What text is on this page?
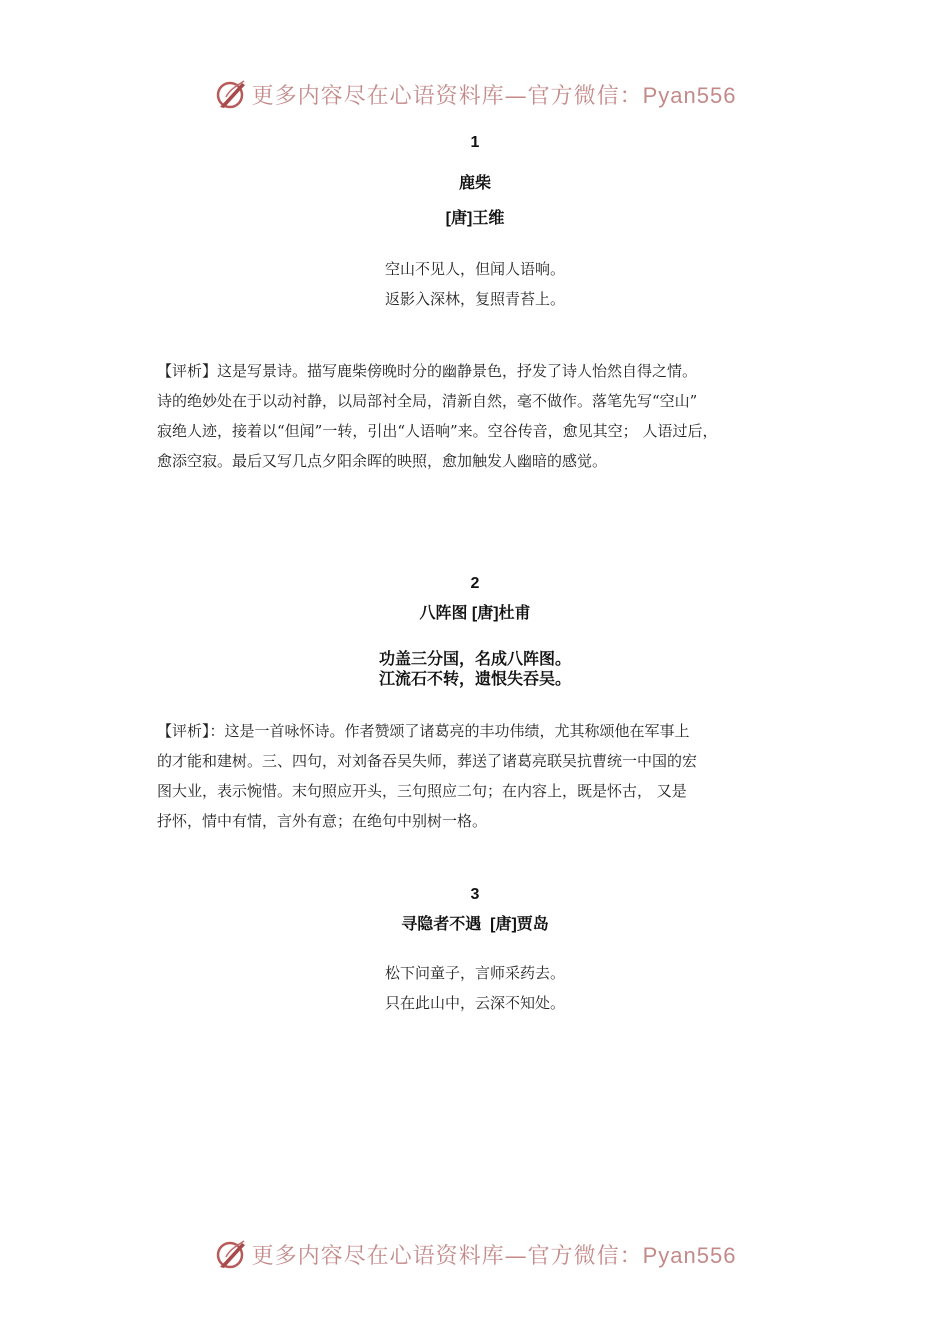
更多内容尽在心语资料库—官方微信：Pyan556
1
鹿柴
[唐]王维
空山不见人，但闻人语响。
返影入深林，复照青苔上。
【评析】这是写景诗。描写鹿柴傍晚时分的幽静景色，抒发了诗人怡然自得之情。
诗的绝妙处在于以动衬静，以局部衬全局，清新自然，毫不做作。落笔先写“空山”
寂绝人迹，接着以“但闻”一转，引出“人语响”来。空谷传音，愈见其空； 人语过后，
愈添空寂。最后又写几点夕阳余晖的映照，愈加触发人幽暗的感觉。
2
八阵图 [唐]杜甫
功盖三分国，名成八阵图。
江流石不转，遗恨失吞吴。
【评析】：这是一首咏怀诗。作者赞颂了诸葛亮的丰功伟绩，尤其称颂他在军事上
的才能和建树。三、四句，对刘备吞吴失师，葬送了诸葛亮联吴抗曹统一中国的宏
图大业，表示惋惜。末句照应开头，三句照应二句；在内容上，既是怀古， 又是
抒怀，情中有情，言外有意；在绝句中别树一格。
3
寻隐者不遇  [唐]贾岛
松下问童子，言师采药去。
只在此山中，云深不知处。
更多内容尽在心语资料库—官方微信：Pyan556
